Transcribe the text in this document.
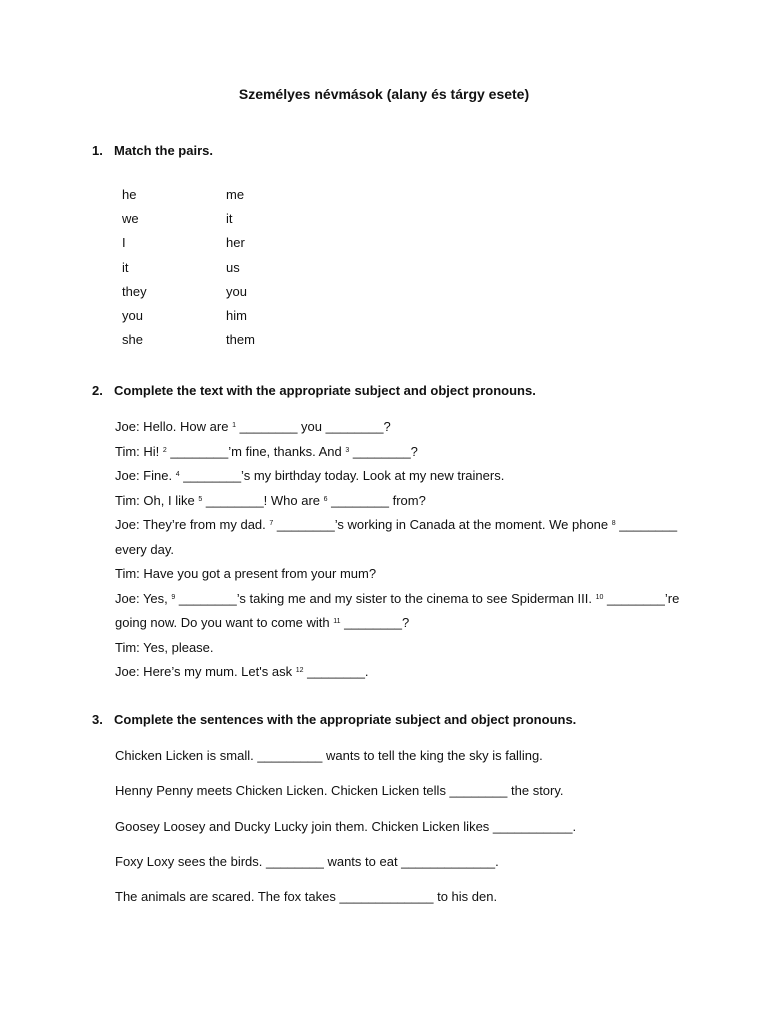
Személyes névmások (alany és tárgy esete)
1. Match the pairs.
he
we
I
it
they
you
she
me
it
her
us
you
him
them
2. Complete the text with the appropriate subject and object pronouns.
Joe: Hello. How are $^1$ ________ you ________?
Tim: Hi! $^2$ ________’m fine, thanks. And $^3$ ________?
Joe: Fine. $^4$ ________’s my birthday today. Look at my new trainers.
Tim: Oh, I like $^5$ ________! Who are $^6$ ________ from?
Joe: They’re from my dad. $^7$ ________’s working in Canada at the moment. We phone $^8$ ________
every day.
Tim: Have you got a present from your mum?
Joe: Yes, $^9$ ________’s taking me and my sister to the cinema to see Spiderman III. $^{10}$ ________’re
going now. Do you want to come with $^{11}$ ________?
Tim: Yes, please.
Joe: Here’s my mum. Let's ask $^{12}$ ________.
3. Complete the sentences with the appropriate subject and object pronouns.
Chicken Licken is small. _________ wants to tell the king the sky is falling.
Henny Penny meets Chicken Licken. Chicken Licken tells ________ the story.
Goosey Loosey and Ducky Lucky join them. Chicken Licken likes ___________.
Foxy Loxy sees the birds. ________ wants to eat _____________.
The animals are scared. The fox takes _____________ to his den.
